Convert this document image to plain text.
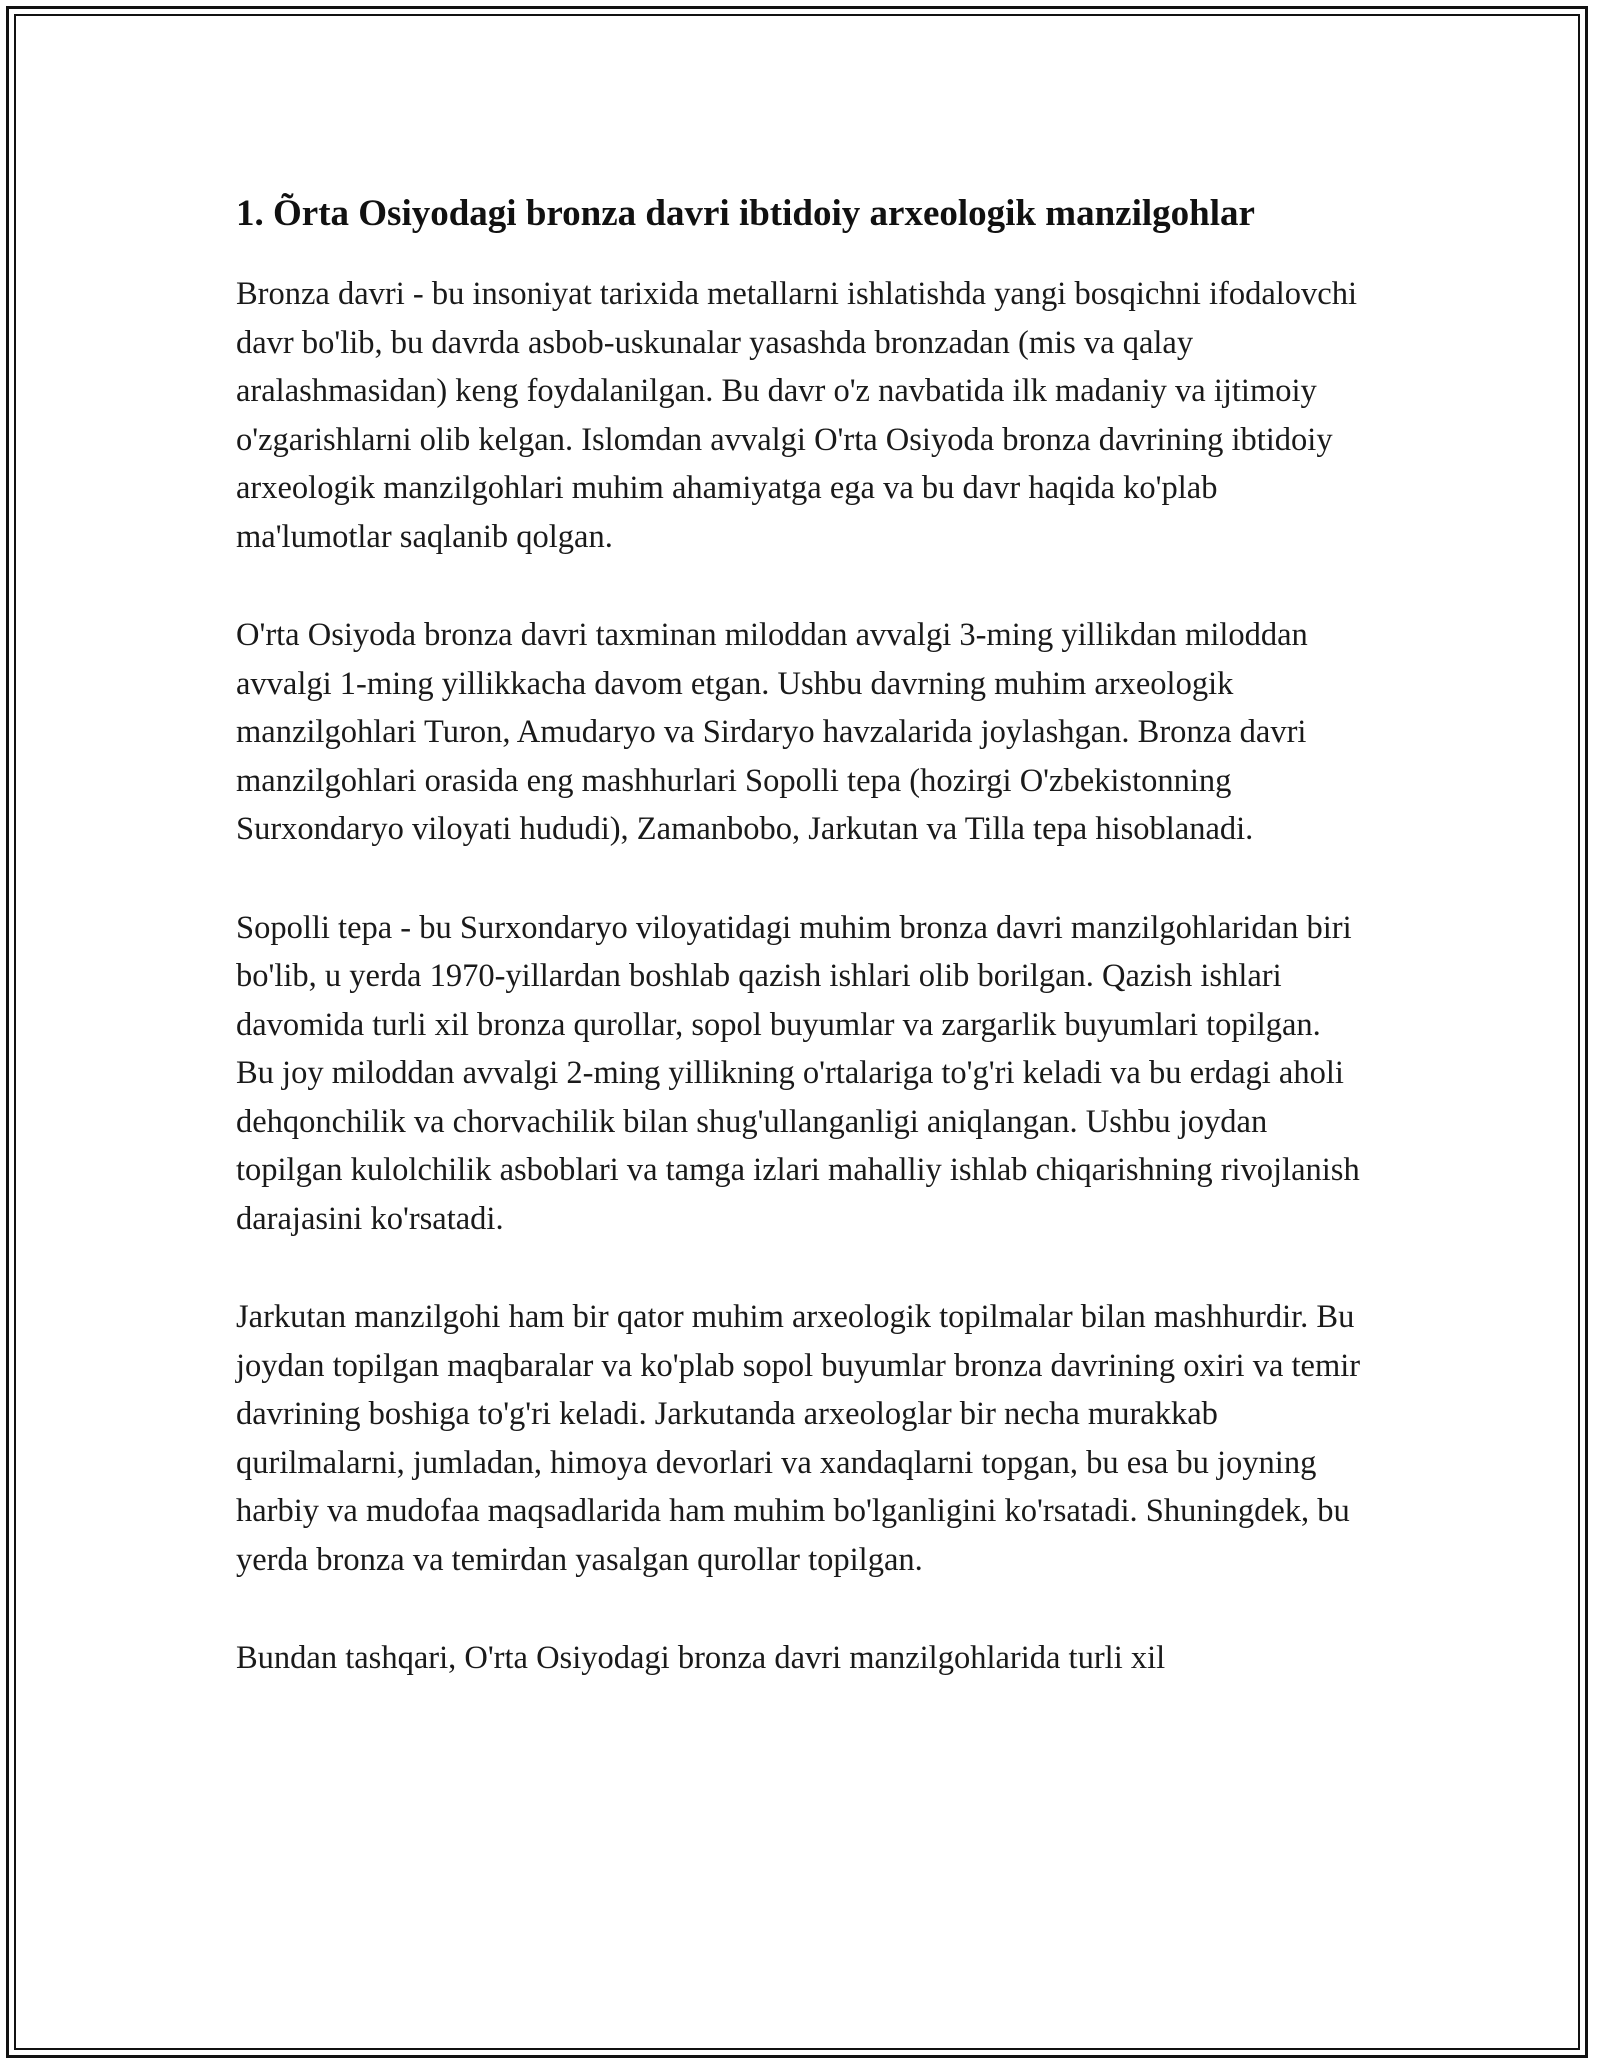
1. Õrta Osiyodagi bronza davri ibtidoiy arxeologik manzilgohlar

Bronza davri - bu insoniyat tarixida metallarni ishlatishda yangi bosqichni ifodalovchi davr bo'lib, bu davrda asbob-uskunalar yasashda bronzadan (mis va qalay aralashmasidan) keng foydalanilgan. Bu davr o'z navbatida ilk madaniy va ijtimoiy o'zgarishlarni olib kelgan. Islomdan avvalgi O'rta Osiyoda bronza davrining ibtidoiy arxeologik manzilgohlari muhim ahamiyatga ega va bu davr haqida ko'plab ma'lumotlar saqlanib qolgan.

O'rta Osiyoda bronza davri taxminan miloddan avvalgi 3-ming yillikdan miloddan avvalgi 1-ming yillikkacha davom etgan. Ushbu davrning muhim arxeologik manzilgohlari Turon, Amudaryo va Sirdaryo havzalarida joylashgan. Bronza davri manzilgohlari orasida eng mashhurlari Sopolli tepa (hozirgi O'zbekistonning Surxondaryo viloyati hududi), Zamanbobo, Jarkutan va Tilla tepa hisoblanadi.

Sopolli tepa - bu Surxondaryo viloyatidagi muhim bronza davri manzilgohlaridan biri bo'lib, u yerda 1970-yillardan boshlab qazish ishlari olib borilgan. Qazish ishlari davomida turli xil bronza qurollar, sopol buyumlar va zargarlik buyumlari topilgan. Bu joy miloddan avvalgi 2-ming yillikning o'rtalariga to'g'ri keladi va bu erdagi aholi dehqonchilik va chorvachilik bilan shug'ullanganligi aniqlangan. Ushbu joydan topilgan kulolchilik asboblari va tamga izlari mahalliy ishlab chiqarishning rivojlanish darajasini ko'rsatadi.

Jarkutan manzilgohi ham bir qator muhim arxeologik topilmalar bilan mashhurdir. Bu joydan topilgan maqbaralar va ko'plab sopol buyumlar bronza davrining oxiri va temir davrining boshiga to'g'ri keladi. Jarkutanda arxeologlar bir necha murakkab qurilmalarni, jumladan, himoya devorlari va xandaqlarni topgan, bu esa bu joyning harbiy va mudofaa maqsadlarida ham muhim bo'lganligini ko'rsatadi. Shuningdek, bu yerda bronza va temirdan yasalgan qurollar topilgan.

Bundan tashqari, O'rta Osiyodagi bronza davri manzilgohlarida turli xil
